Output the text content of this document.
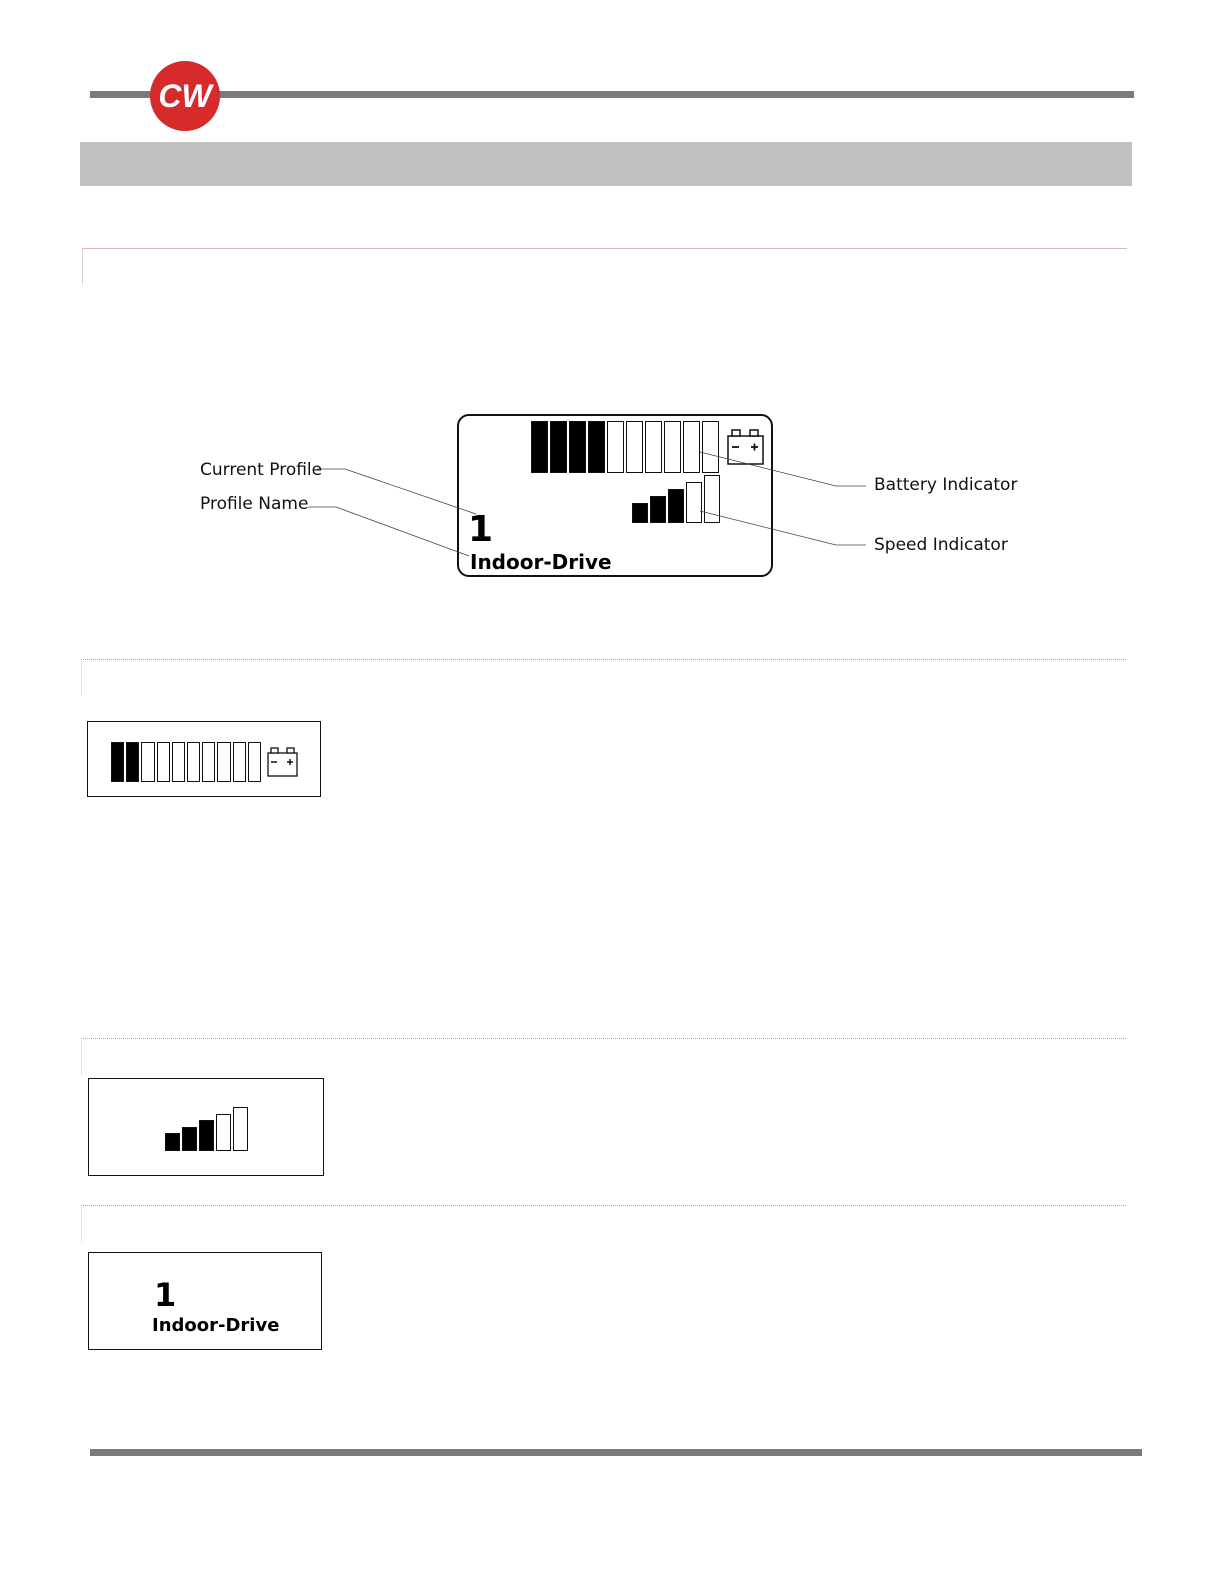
CW
1
Indoor-Drive
Current Profile
Profile Name
Battery Indicator
Speed Indicator
1
Indoor-Drive
